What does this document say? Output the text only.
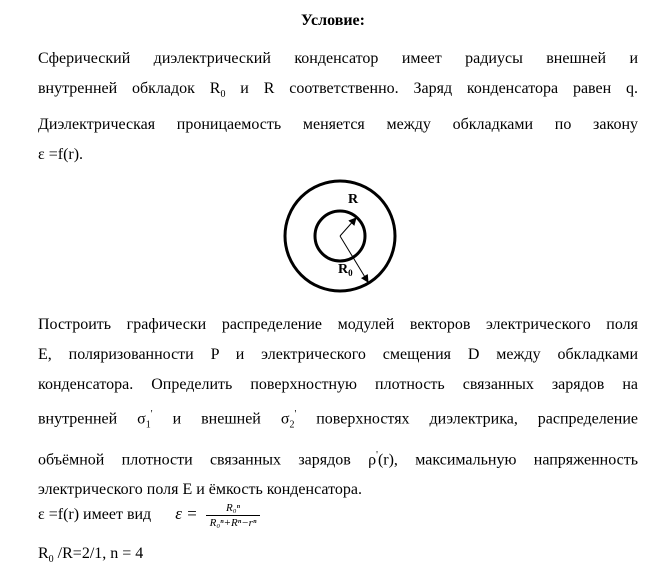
Условие:
Сферический диэлектрический конденсатор имеет радиусы внешней и
внутренней обкладок $R_0$ и R соответственно. Заряд конденсатора равен q.
Диэлектрическая проницаемость меняется между обкладками по закону
ε =f(r).
R
$R_0$
Построить графически распределение модулей векторов электрического поля
E, поляризованности P и электрического смещения D между обкладками
конденсатора. Определить поверхностную плотность связанных зарядов на
внутренней $\sigma_1'$ и внешней $\sigma_2'$ поверхностях диэлектрика, распределение
объёмной плотности связанных зарядов ρ'(r), максимальную напряженность
электрического поля E и ёмкость конденсатора.
ε =f(r) имеет вид $\varepsilon = \frac{\text{R₀ⁿ}}{\text{R₀ⁿ+Rⁿ−rⁿ}}$
$R_0$ /R=2/1, n = 4
